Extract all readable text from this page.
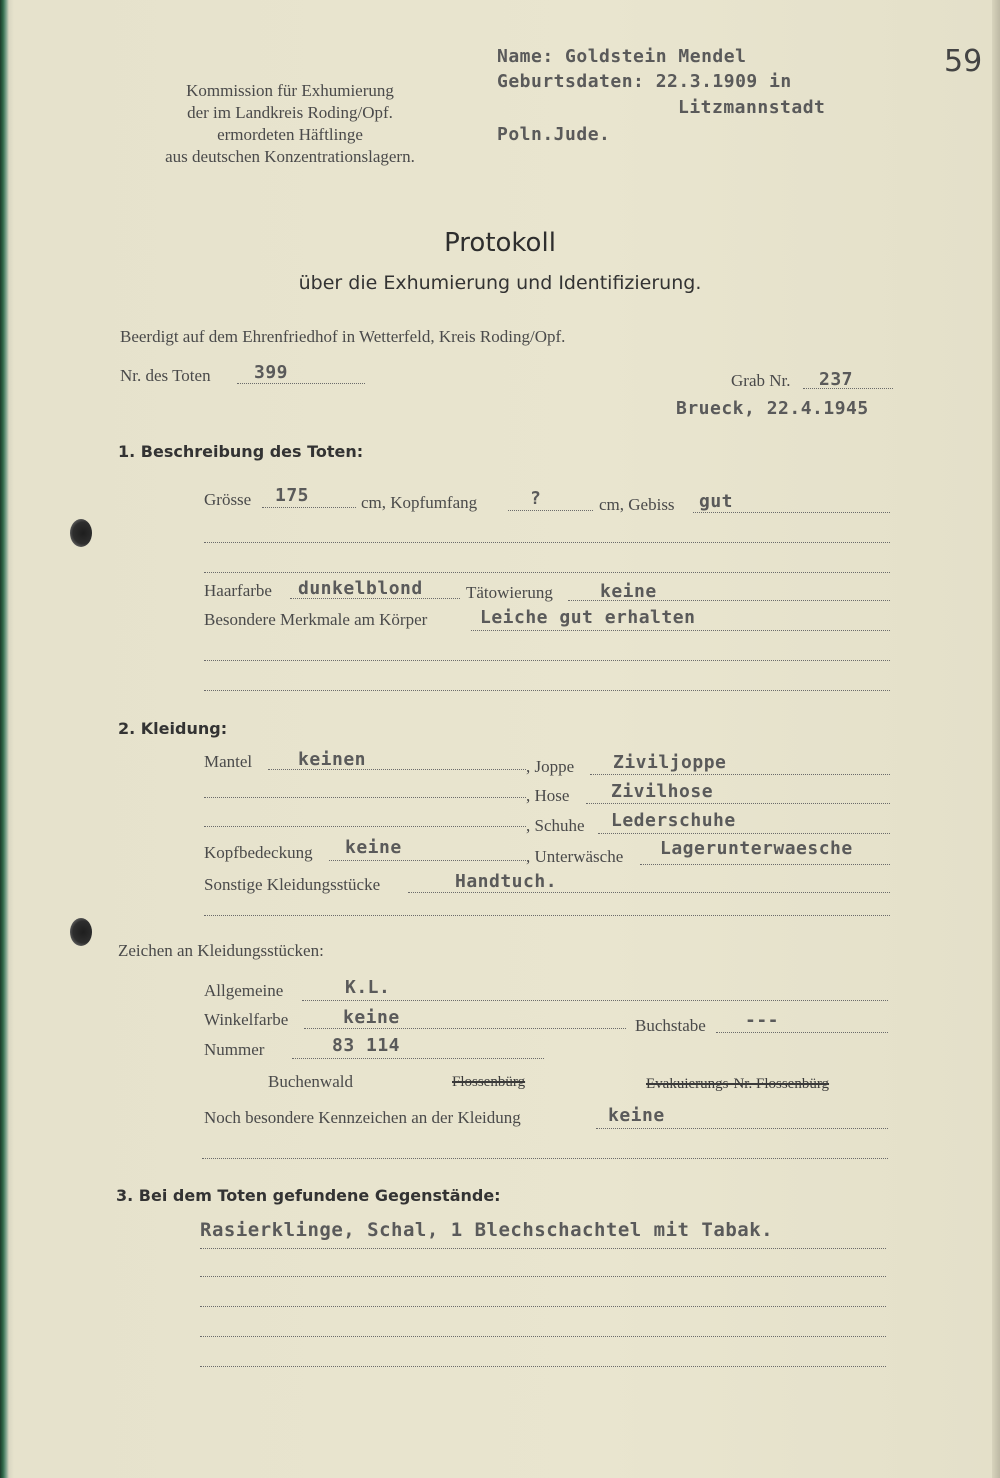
59
Kommission für Exhumierung
der im Landkreis Roding/Opf.
ermordeten Häftlinge
aus deutschen Konzentrationslagern.
Name: Goldstein Mendel
Geburtsdaten: 22.3.1909 in
Litzmannstadt
Poln.Jude.
Protokoll
über die Exhumierung und Identifizierung.
Beerdigt auf dem Ehrenfriedhof in Wetterfeld, Kreis Roding/Opf.
Nr. des Toten 399	Grab Nr. 237
Brueck, 22.4.1945
1. Beschreibung des Toten:
Grösse 175	cm, Kopfumfang	?	cm, Gebiss gut
Haarfarbe dunkelblond	Tätowierung	keine
Besondere Merkmale am Körper	Leiche gut erhalten
2. Kleidung:
Mantel	keinen	, Joppe Ziviljoppe
, Hose Zivilhose
, Schuhe Lederschuhe
Kopfbedeckung keine	, Unterwäsche Lagerunterwaesche
Sonstige Kleidungsstücke	Handtuch.
Zeichen an Kleidungsstücken:
Allgemeine	K.L.
Winkelfarbe	keine	Buchstabe ---
Nummer	83 114
Buchenwald	Flossenbürg	Evakuierungs-Nr. Flossenbürg
Noch besondere Kennzeichen an der Kleidung	keine
3. Bei dem Toten gefundene Gegenstände:
Rasierklinge, Schal, 1 Blechschachtel mit Tabak.
